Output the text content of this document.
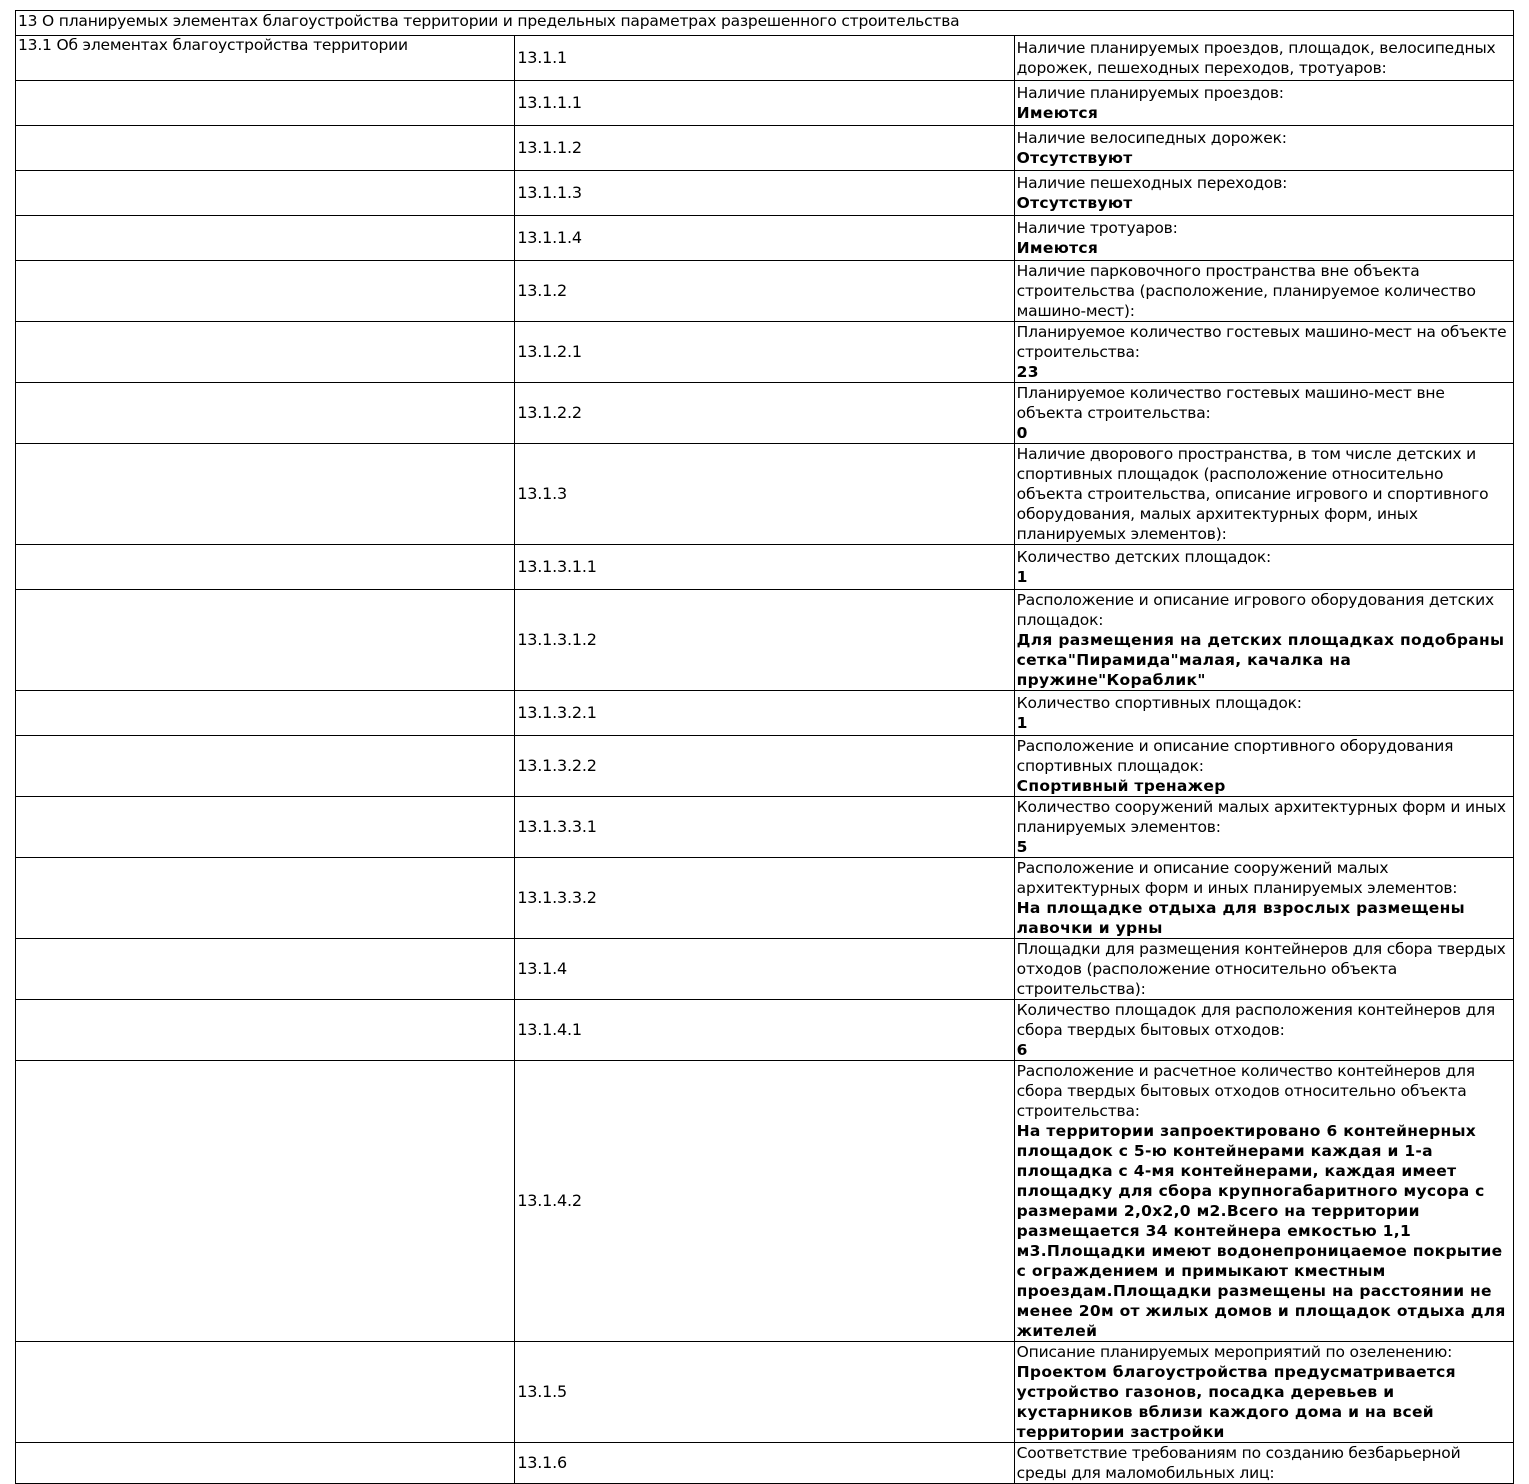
13 О планируемых элементах благоустройства территории и предельных параметрах разрешенного строительства		
13.1 Об элементах благоустройства территории	13.1.1	Наличие планируемых проездов, площадок, велосипедных дорожек, пешеходных переходов, тротуаров:

	13.1.1.1	Наличие планируемых проездов:
Имеются

	13.1.1.2	Наличие велосипедных дорожек:
Отсутствуют

	13.1.1.3	Наличие пешеходных переходов:
Отсутствуют

	13.1.1.4	Наличие тротуаров:
Имеются

	13.1.2	Наличие парковочного пространства вне объекта строительства (расположение, планируемое количество машино-мест):

	13.1.2.1	Планируемое количество гостевых машино-мест на объекте строительства:
23

	13.1.2.2	Планируемое количество гостевых машино-мест вне объекта строительства:
0

	13.1.3	Наличие дворового пространства, в том числе детских и спортивных площадок (расположение относительно объекта строительства, описание игрового и спортивного оборудования, малых архитектурных форм, иных планируемых элементов):

	13.1.3.1.1	Количество детских площадок:
1

	13.1.3.1.2	Расположение и описание игрового оборудования детских площадок:
Для размещения на детских площадках подобраны сетка"Пирамида"малая, качалка на пружине"Кораблик"

	13.1.3.2.1	Количество спортивных площадок:
1

	13.1.3.2.2	Расположение и описание спортивного оборудования спортивных площадок:
Спортивный тренажер

	13.1.3.3.1	Количество сооружений малых архитектурных форм и иных планируемых элементов:
5

	13.1.3.3.2	Расположение и описание сооружений малых архитектурных форм и иных планируемых элементов:
На площадке отдыха для взрослых размещены лавочки и урны

	13.1.4	Площадки для размещения контейнеров для сбора твердых отходов (расположение относительно объекта строительства):

	13.1.4.1	Количество площадок для расположения контейнеров для сбора твердых бытовых отходов:
6

	13.1.4.2	Расположение и расчетное количество контейнеров для сбора твердых бытовых отходов относительно объекта строительства:
На территории запроектировано 6 контейнерных площадок с 5-ю контейнерами каждая и 1-а площадка с 4-мя контейнерами, каждая имеет площадку для сбора крупногабаритного мусора с размерами 2,0х2,0 м2.Всего на территории размещается 34 контейнера емкостью 1,1 м3.Площадки имеют водонепроницаемое покрытие с ограждением и примыкают кместным проездам.Площадки размещены на расстоянии не менее 20м от жилых домов и площадок отдыха для жителей

	13.1.5	Описание планируемых мероприятий по озеленению:
Проектом благоустройства предусматривается устройство газонов, посадка деревьев и кустарников вблизи каждого дома и на всей территории застройки

	13.1.6	Соответствие требованиям по созданию безбарьерной среды для маломобильных лиц:
